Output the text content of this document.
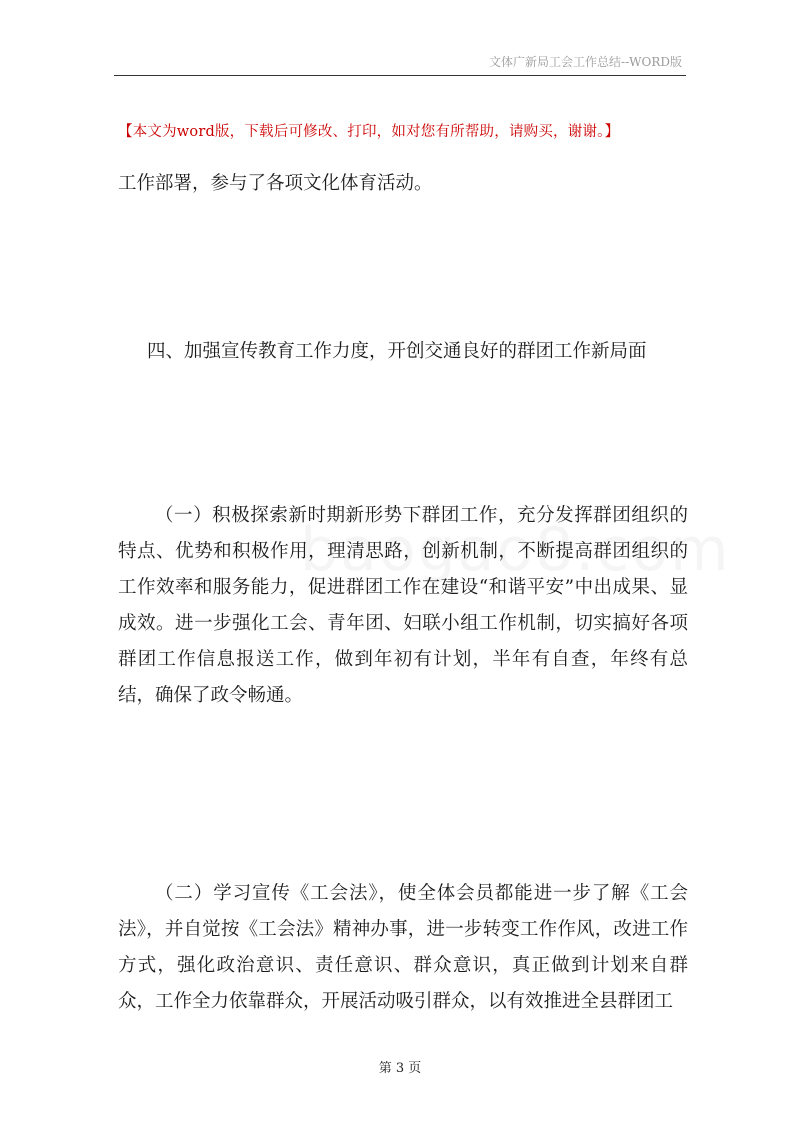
文体广新局工会工作总结--WORD版
【本文为word版，下载后可修改、打印，如对您有所帮助，请购买，谢谢。】
工作部署，参与了各项文化体育活动。
四、加强宣传教育工作力度，开创交通良好的群团工作新局面
（一）积极探索新时期新形势下群团工作，充分发挥群团组织的特点、优势和积极作用，理清思路，创新机制，不断提高群团组织的工作效率和服务能力，促进群团工作在建设“和谐平安”中出成果、显成效。进一步强化工会、青年团、妇联小组工作机制，切实搞好各项群团工作信息报送工作，做到年初有计划，半年有自查，年终有总结，确保了政令畅通。
（二）学习宣传《工会法》，使全体会员都能进一步了解《工会法》，并自觉按《工会法》精神办事，进一步转变工作作风，改进工作方式，强化政治意识、责任意识、群众意识，真正做到计划来自群众，工作全力依靠群众，开展活动吸引群众，以有效推进全县群团工
第 3 页
